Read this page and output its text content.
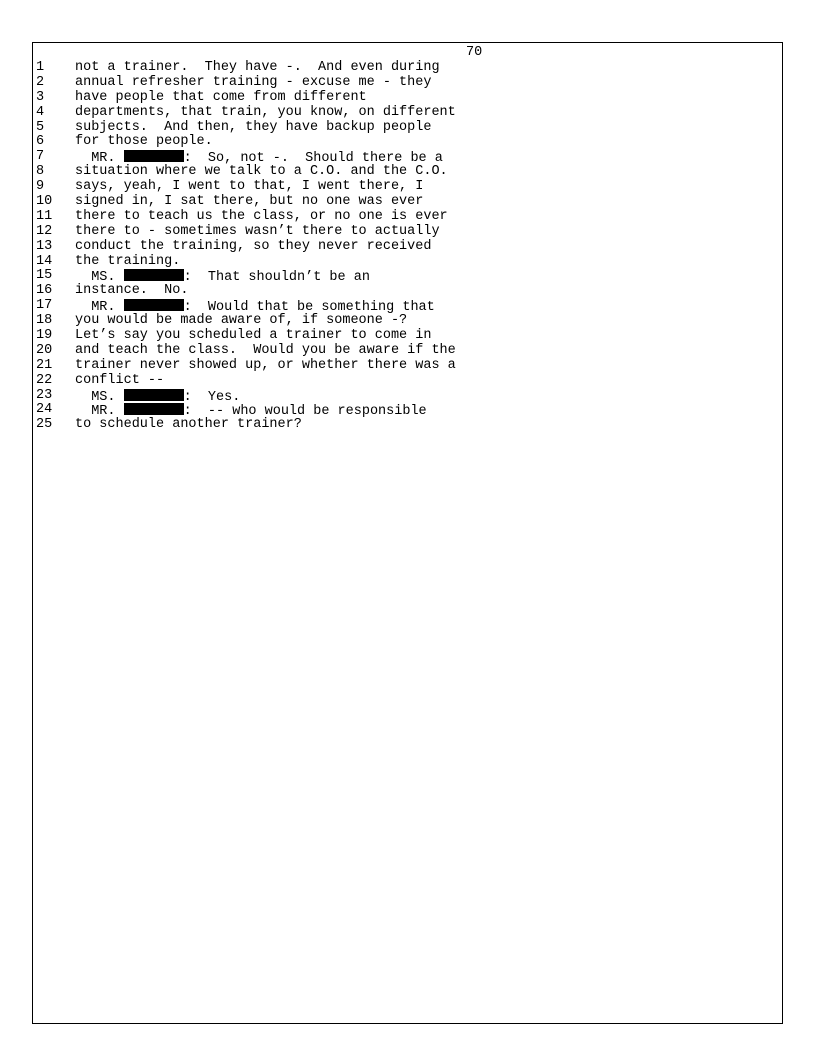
70
1	not a trainer.  They have -.  And even during
2	annual refresher training - excuse me - they
3	have people that come from different
4	departments, that train, you know, on different
5	subjects.  And then, they have backup people
6	for those people.
7	MR.	:  So, not -.  Should there be a
8	situation where we talk to a C.O. and the C.O.
9	says, yeah, I went to that, I went there, I
10	signed in, I sat there, but no one was ever
11	there to teach us the class, or no one is ever
12	there to - sometimes wasn’t there to actually
13	conduct the training, so they never received
14	the training.
15	MS.	:  That shouldn’t be an
16	instance.  No.
17	MR.	:  Would that be something that
18	you would be made aware of, if someone -?
19	Let’s say you scheduled a trainer to come in
20	and teach the class.  Would you be aware if the
21	trainer never showed up, or whether there was a
22	conflict --
23	MS.	:  Yes.
24	MR.	:  -- who would be responsible
25	to schedule another trainer?
